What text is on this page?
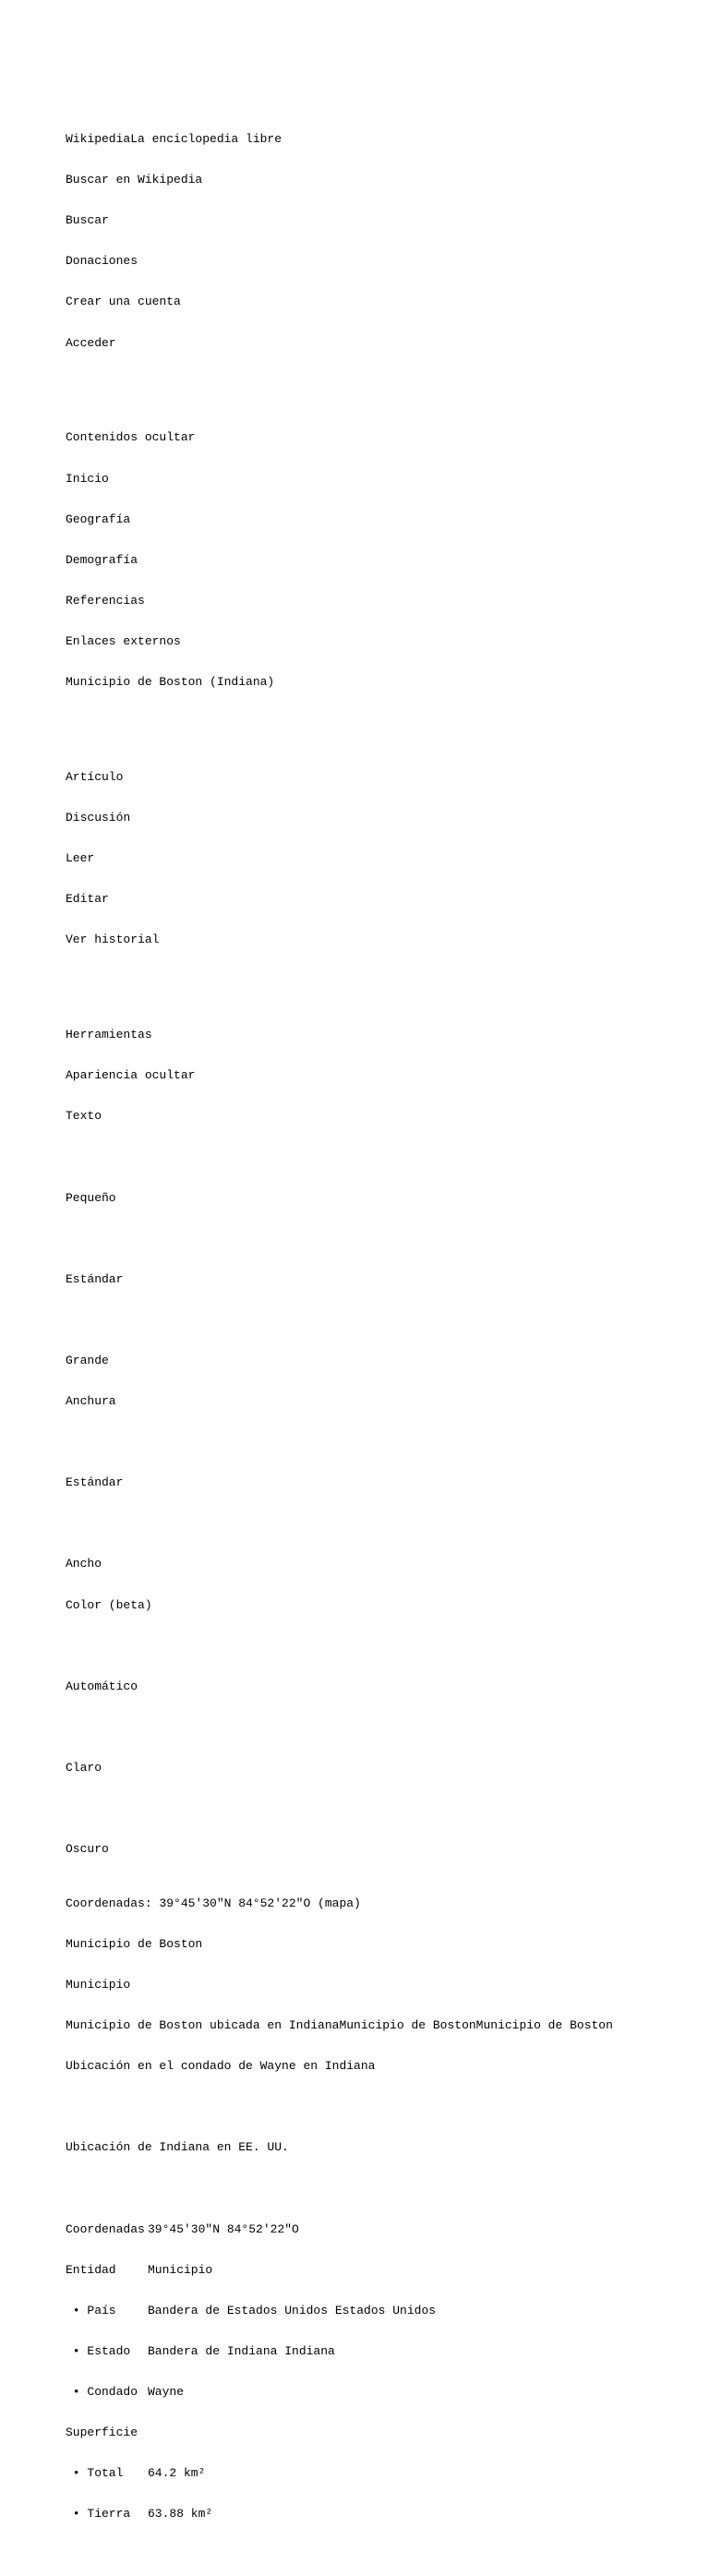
WikipediaLa enciclopedia libre

Buscar en Wikipedia

Buscar

Donaciones

Crear una cuenta

Acceder

Contenidos ocultar

Inicio

Geografía

Demografía

Referencias

Enlaces externos

Municipio de Boston (Indiana)

Artículo

Discusión

Leer

Editar

Ver historial

Herramientas

Apariencia ocultar

Texto

Pequeño

Estándar

Grande

Anchura

Estándar

Ancho

Color (beta)

Automático

Claro

Oscuro

Coordenadas: 39°45′30″N 84°52′22″O (mapa)

Municipio de Boston

Municipio

Municipio de Boston ubicada en IndianaMunicipio de BostonMunicipio de Boston

Ubicación en el condado de Wayne en Indiana

Ubicación de Indiana en EE. UU.

Coordenadas 39°45′30″N 84°52′22″O

Entidad	Municipio

• País	Bandera de Estados Unidos Estados Unidos

• Estado Bandera de Indiana Indiana

• Condado Wayne

Superficie

• Total 64.2 km²

• Tierra 63.88 km²
